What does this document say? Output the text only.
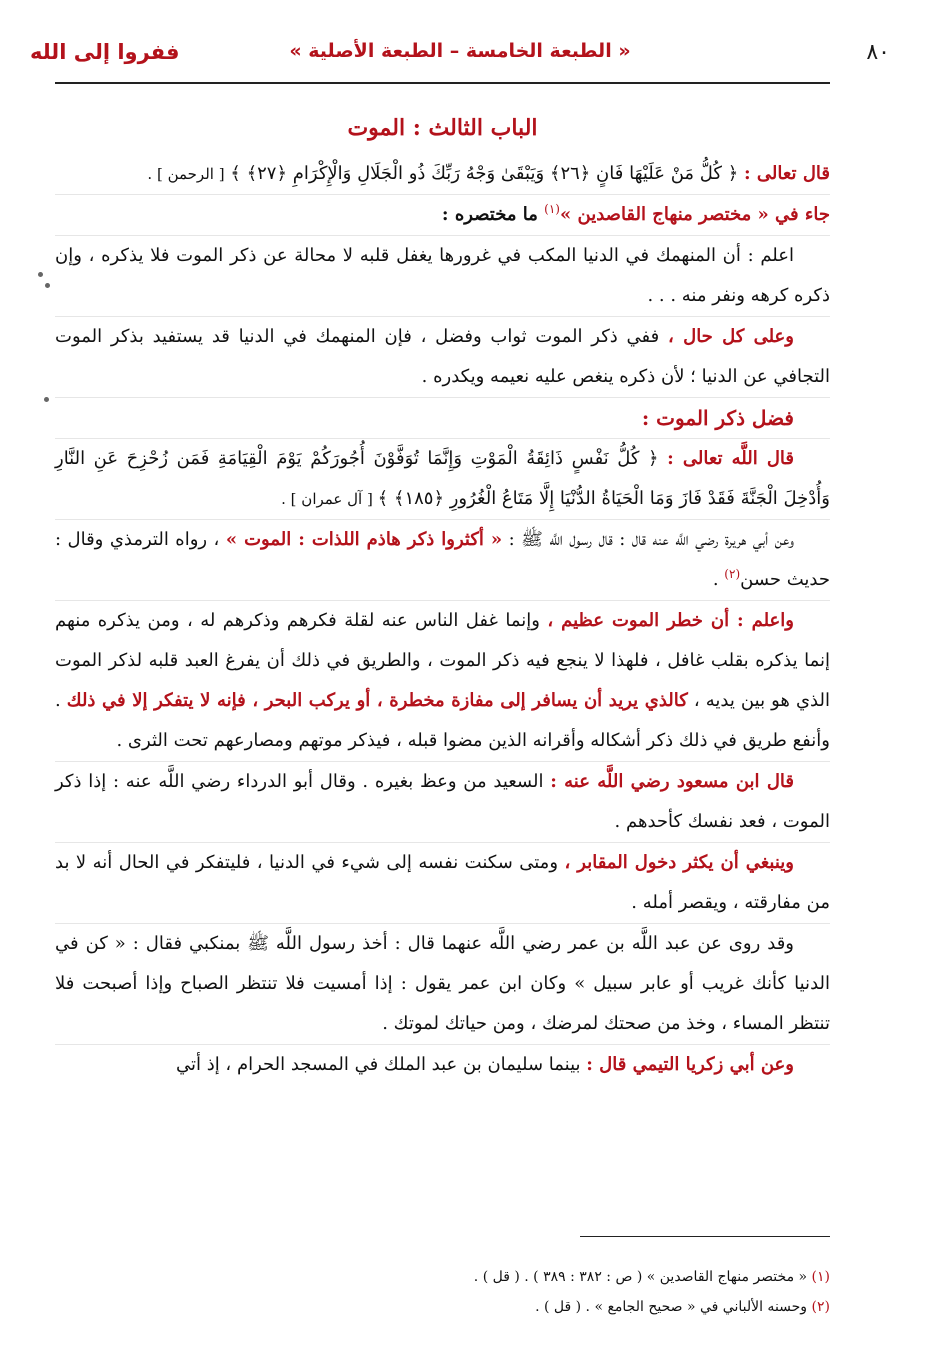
٨٠
« الطبعة الخامسة – الطبعة الأصلية »
ففروا إلى الله
الباب الثالث : الموت

قال تعالى : ﴿ كُلُّ مَنْ عَلَيْهَا فَانٍ ﴿٢٦﴾ وَيَبْقَىٰ وَجْهُ رَبِّكَ ذُو الْجَلَالِ وَالْإِكْرَامِ ﴿٢٧﴾ ﴾ [ الرحمن ] .

جاء في « مختصر منهاج القاصدين »$^{(١)}$ ما مختصره :

اعلم : أن المنهمك في الدنيا المكب في غرورها يغفل قلبه لا محالة عن ذكر الموت فلا يذكره ، وإن ذكره كرهه ونفر منه . . .

وعلى كل حال ، ففي ذكر الموت ثواب وفضل ، فإن المنهمك في الدنيا قد يستفيد بذكر الموت التجافي عن الدنيا ؛ لأن ذكره ينغص عليه نعيمه ويكدره .

فضل ذكر الموت :

قال اللَّه تعالى : ﴿ كُلُّ نَفْسٍ ذَائِقَةُ الْمَوْتِ وَإِنَّمَا تُوَفَّوْنَ أُجُورَكُمْ يَوْمَ الْقِيَامَةِ فَمَن زُحْزِحَ عَنِ النَّارِ وَأُدْخِلَ الْجَنَّةَ فَقَدْ فَازَ وَمَا الْحَيَاةُ الدُّنْيَا إِلَّا مَتَاعُ الْغُرُورِ ﴿١٨٥﴾ ﴾ [ آل عمران ] .

وعن أبي هريرة رضي اللَّه عنه قال : قال رسول اللَّه ﷺ : « أكثروا ذكر هاذم اللذات : الموت » ، رواه الترمذي وقال : حديث حسن$^{(٢)}$ .

واعلم : أن خطر الموت عظيم ، وإنما غفل الناس عنه لقلة فكرهم وذكرهم له ، ومن يذكره منهم إنما يذكره بقلب غافل ، فلهذا لا ينجع فيه ذكر الموت ، والطريق في ذلك أن يفرغ العبد قلبه لذكر الموت الذي هو بين يديه ، كالذي يريد أن يسافر إلى مفازة مخطرة ، أو يركب البحر ، فإنه لا يتفكر إلا في ذلك . وأنفع طريق في ذلك ذكر أشكاله وأقرانه الذين مضوا قبله ، فيذكر موتهم ومصارعهم تحت الثرى .

قال ابن مسعود رضي اللَّه عنه : السعيد من وعظ بغيره . وقال أبو الدرداء رضي اللَّه عنه : إذا ذكر الموت ، فعد نفسك كأحدهم .

وينبغي أن يكثر دخول المقابر ، ومتى سكنت نفسه إلى شيء في الدنيا ، فليتفكر في الحال أنه لا بد من مفارقته ، ويقصر أمله .

وقد روى عن عبد اللَّه بن عمر رضي اللَّه عنهما قال : أخذ رسول اللَّه ﷺ بمنكبي فقال : « كن في الدنيا كأنك غريب أو عابر سبيل » وكان ابن عمر يقول : إذا أمسيت فلا تنتظر الصباح وإذا أصبحت فلا تنتظر المساء ، وخذ من صحتك لمرضك ، ومن حياتك لموتك .

وعن أبي زكريا التيمي قال : بينما سليمان بن عبد الملك في المسجد الحرام ، إذ أتي

(١) « مختصر منهاج القاصدين » ( ص : ٣٨٢ : ٣٨٩ ) . ( قل ) .
(٢) وحسنه الألباني في « صحيح الجامع » . ( قل ) .
